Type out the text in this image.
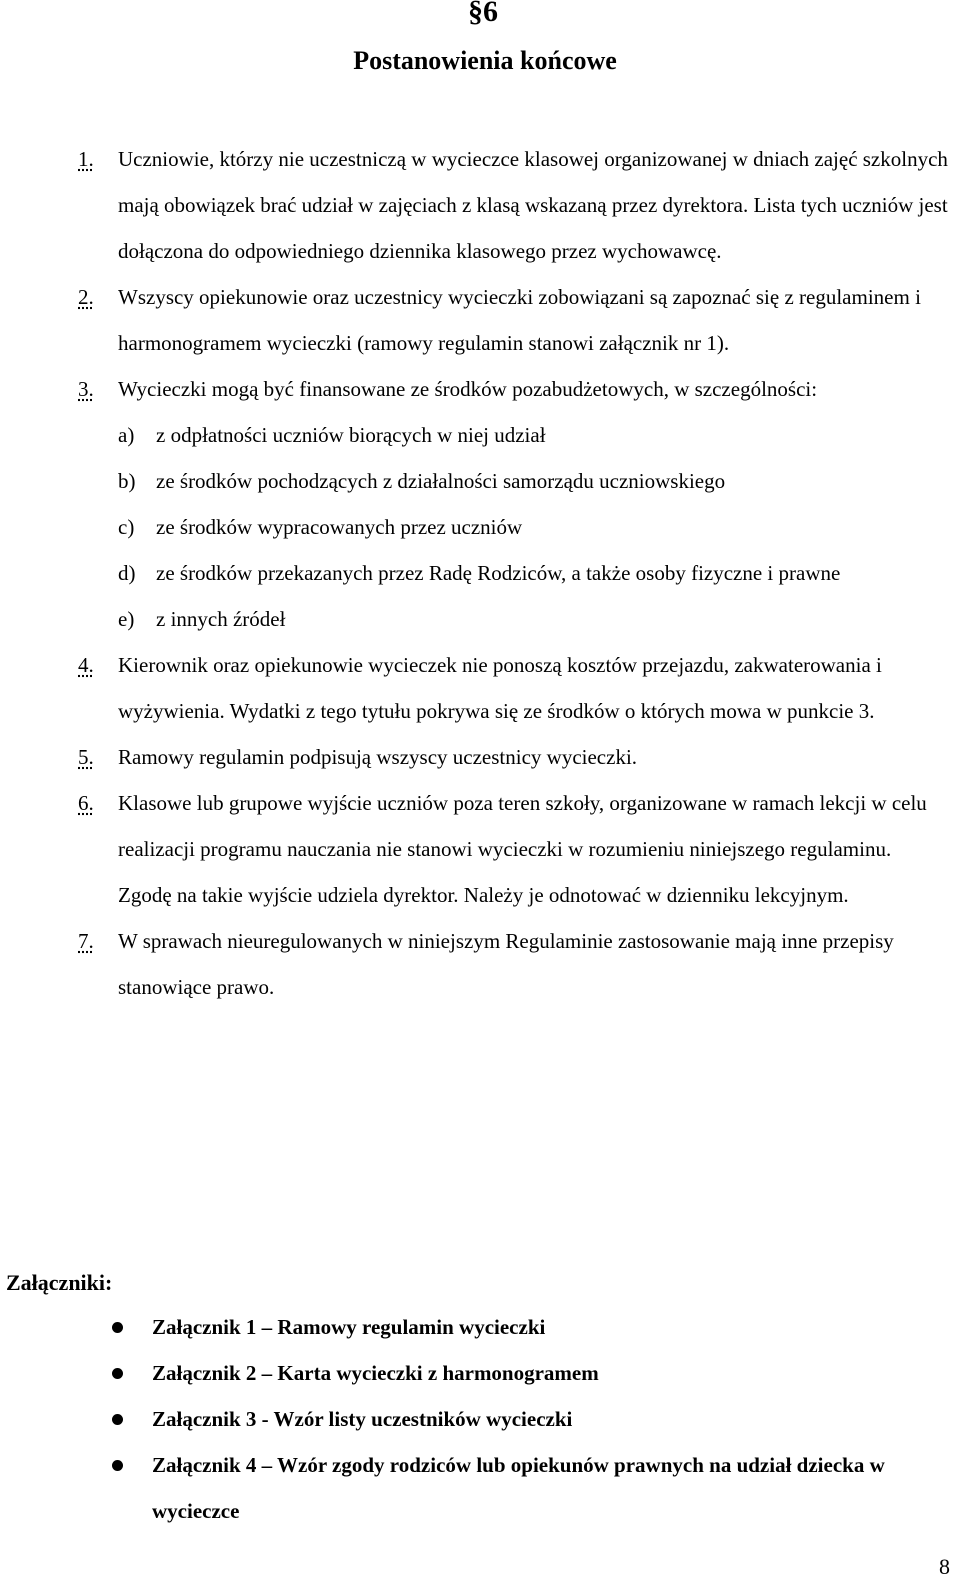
§6
Postanowienia końcowe
1.	Uczniowie, którzy nie uczestniczą w wycieczce klasowej organizowanej w dniach zajęć szkolnych mają obowiązek brać udział w zajęciach z klasą wskazaną przez dyrektora. Lista tych uczniów jest dołączona do odpowiedniego dziennika klasowego przez wychowawcę.
2.	Wszyscy opiekunowie oraz uczestnicy wycieczki zobowiązani są zapoznać się z regulaminem i harmonogramem wycieczki (ramowy regulamin stanowi załącznik nr 1).
3.	Wycieczki mogą być finansowane ze środków pozabudżetowych, w szczególności:
a) z odpłatności uczniów biorących w niej udział
b) ze środków pochodzących z działalności samorządu uczniowskiego
c) ze środków wypracowanych przez uczniów
d) ze środków przekazanych przez Radę Rodziców, a także osoby fizyczne i prawne
e) z innych źródeł
4.	Kierownik oraz opiekunowie wycieczek nie ponoszą kosztów przejazdu, zakwaterowania i wyżywienia. Wydatki z tego tytułu pokrywa się ze środków o których mowa w punkcie 3.
5.	Ramowy regulamin podpisują wszyscy uczestnicy wycieczki.
6.	Klasowe lub grupowe wyjście uczniów poza teren szkoły, organizowane w ramach lekcji w celu realizacji programu nauczania nie stanowi wycieczki w rozumieniu niniejszego regulaminu. Zgodę na takie wyjście udziela dyrektor. Należy je odnotować w dzienniku lekcyjnym.
7.	W sprawach nieuregulowanych w niniejszym Regulaminie zastosowanie mają inne przepisy stanowiące prawo.
Załączniki:
Załącznik 1 – Ramowy regulamin wycieczki
Załącznik 2 – Karta wycieczki z harmonogramem
Załącznik 3 - Wzór listy uczestników wycieczki
Załącznik 4 – Wzór zgody rodziców lub opiekunów prawnych na udział dziecka w wycieczce
8
